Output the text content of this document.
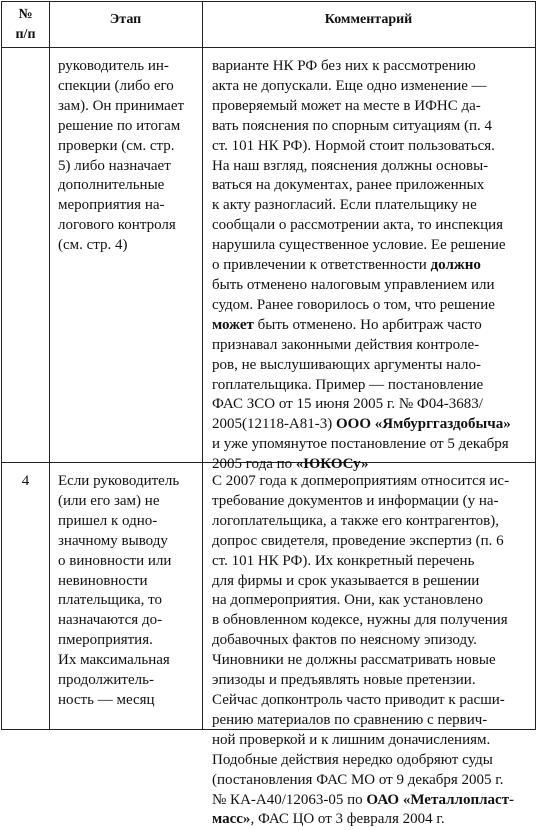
№
п/п
Этап	Комментарий
руководитель ин-
спекции (либо его
зам). Он принимает
решение по итогам
проверки (см. стр.
5) либо назначает
дополнительные
мероприятия на-
логового контроля
(см. стр. 4)
варианте НК РФ без них к рассмотрению
акта не допускали. Еще одно изменение —
проверяемый может на месте в ИФНС да-
вать пояснения по спорным ситуациям (п. 4
ст. 101 НК РФ). Нормой стоит пользоваться.
На наш взгляд, пояснения должны основы-
ваться на документах, ранее приложенных
к акту разногласий. Если плательщику не
сообщали о рассмотрении акта, то инспекция
нарушила существенное условие. Ее решение
о привлечении к ответственности должно
быть отменено налоговым управлением или
судом. Ранее говорилось о том, что решение
может быть отменено. Но арбитраж часто
признавал законными действия контроле-
ров, не выслушивающих аргументы нало-
гоплательщика. Пример — постановление
ФАС ЗСО от 15 июня 2005 г. № Ф04-3683/
2005(12118-А81-3) ООО «Ямбурггаздобыча»
и уже упомянутое постановление от 5 декабря
2005 года по «ЮКОСу»
4	Если руководитель
(или его зам) не
пришел к одно-
значному выводу
о виновности или
невиновности
плательщика, то
назначаются до-
пмероприятия.
Их максимальная
продолжитель-
ность — месяц
С 2007 года к допмероприятиям относится ис-
требование документов и информации (у на-
логоплательщика, а также его контрагентов),
допрос свидетеля, проведение экспертиз (п. 6
ст. 101 НК РФ). Их конкретный перечень
для фирмы и срок указывается в решении
на допмероприятия. Они, как установлено
в обновленном кодексе, нужны для получения
добавочных фактов по неясному эпизоду.
Чиновники не должны рассматривать новые
эпизоды и предъявлять новые претензии.
Сейчас допконтроль часто приводит к расши-
рению материалов по сравнению с первич-
ной проверкой и к лишним доначислениям.
Подобные действия нередко одобряют суды
(постановления ФАС МО от 9 декабря 2005 г.
№ КА-А40/12063-05 по ОАО «Металлопласт-
масс», ФАС ЦО от 3 февраля 2004 г.
